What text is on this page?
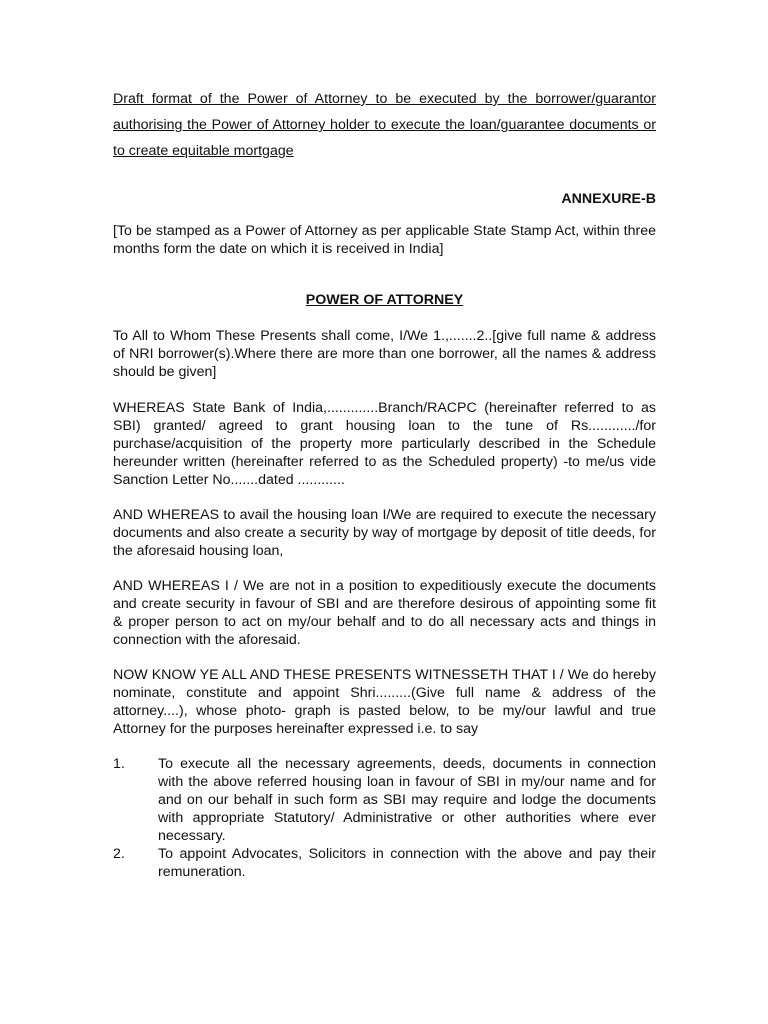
Draft format of the Power of Attorney to be executed by the borrower/guarantor authorising the Power of Attorney holder to execute the loan/guarantee documents or to create equitable mortgage

ANNEXURE-B

[To be stamped as a Power of Attorney as per applicable State Stamp Act, within three months form the date on which it is received in India]

POWER OF ATTORNEY

To All to Whom These Presents shall come, I/We 1.,.......2..[give full name & address of NRI borrower(s).Where there are more than one borrower, all the names & address should be given]

WHEREAS State Bank of India,.............Branch/RACPC (hereinafter referred to as SBI) granted/ agreed to grant housing loan to the tune of Rs............/for purchase/acquisition of the property more particularly described in the Schedule hereunder written (hereinafter referred to as the Scheduled property) -to me/us vide Sanction Letter No.......dated ............

AND WHEREAS to avail the housing loan I/We are required to execute the necessary documents and also create a security by way of mortgage by deposit of title deeds, for the aforesaid housing loan,

AND WHEREAS I / We are not in a position to expeditiously execute the documents and create security in favour of SBI and are therefore desirous of appointing some fit & proper person to act on my/our behalf and to do all necessary acts and things in connection with the aforesaid.

NOW KNOW YE ALL AND THESE PRESENTS WITNESSETH THAT I / We do hereby nominate, constitute and appoint Shri.........(Give full name & address of the attorney....), whose photo- graph is pasted below, to be my/our lawful and true Attorney for the purposes hereinafter expressed i.e. to say

1.	To execute all the necessary agreements, deeds, documents in connection with the above referred housing loan in favour of SBI in my/our name and for and on our behalf in such form as SBI may require and lodge the documents with appropriate Statutory/ Administrative or other authorities where ever necessary.
2.	To appoint Advocates, Solicitors in connection with the above and pay their remuneration.
